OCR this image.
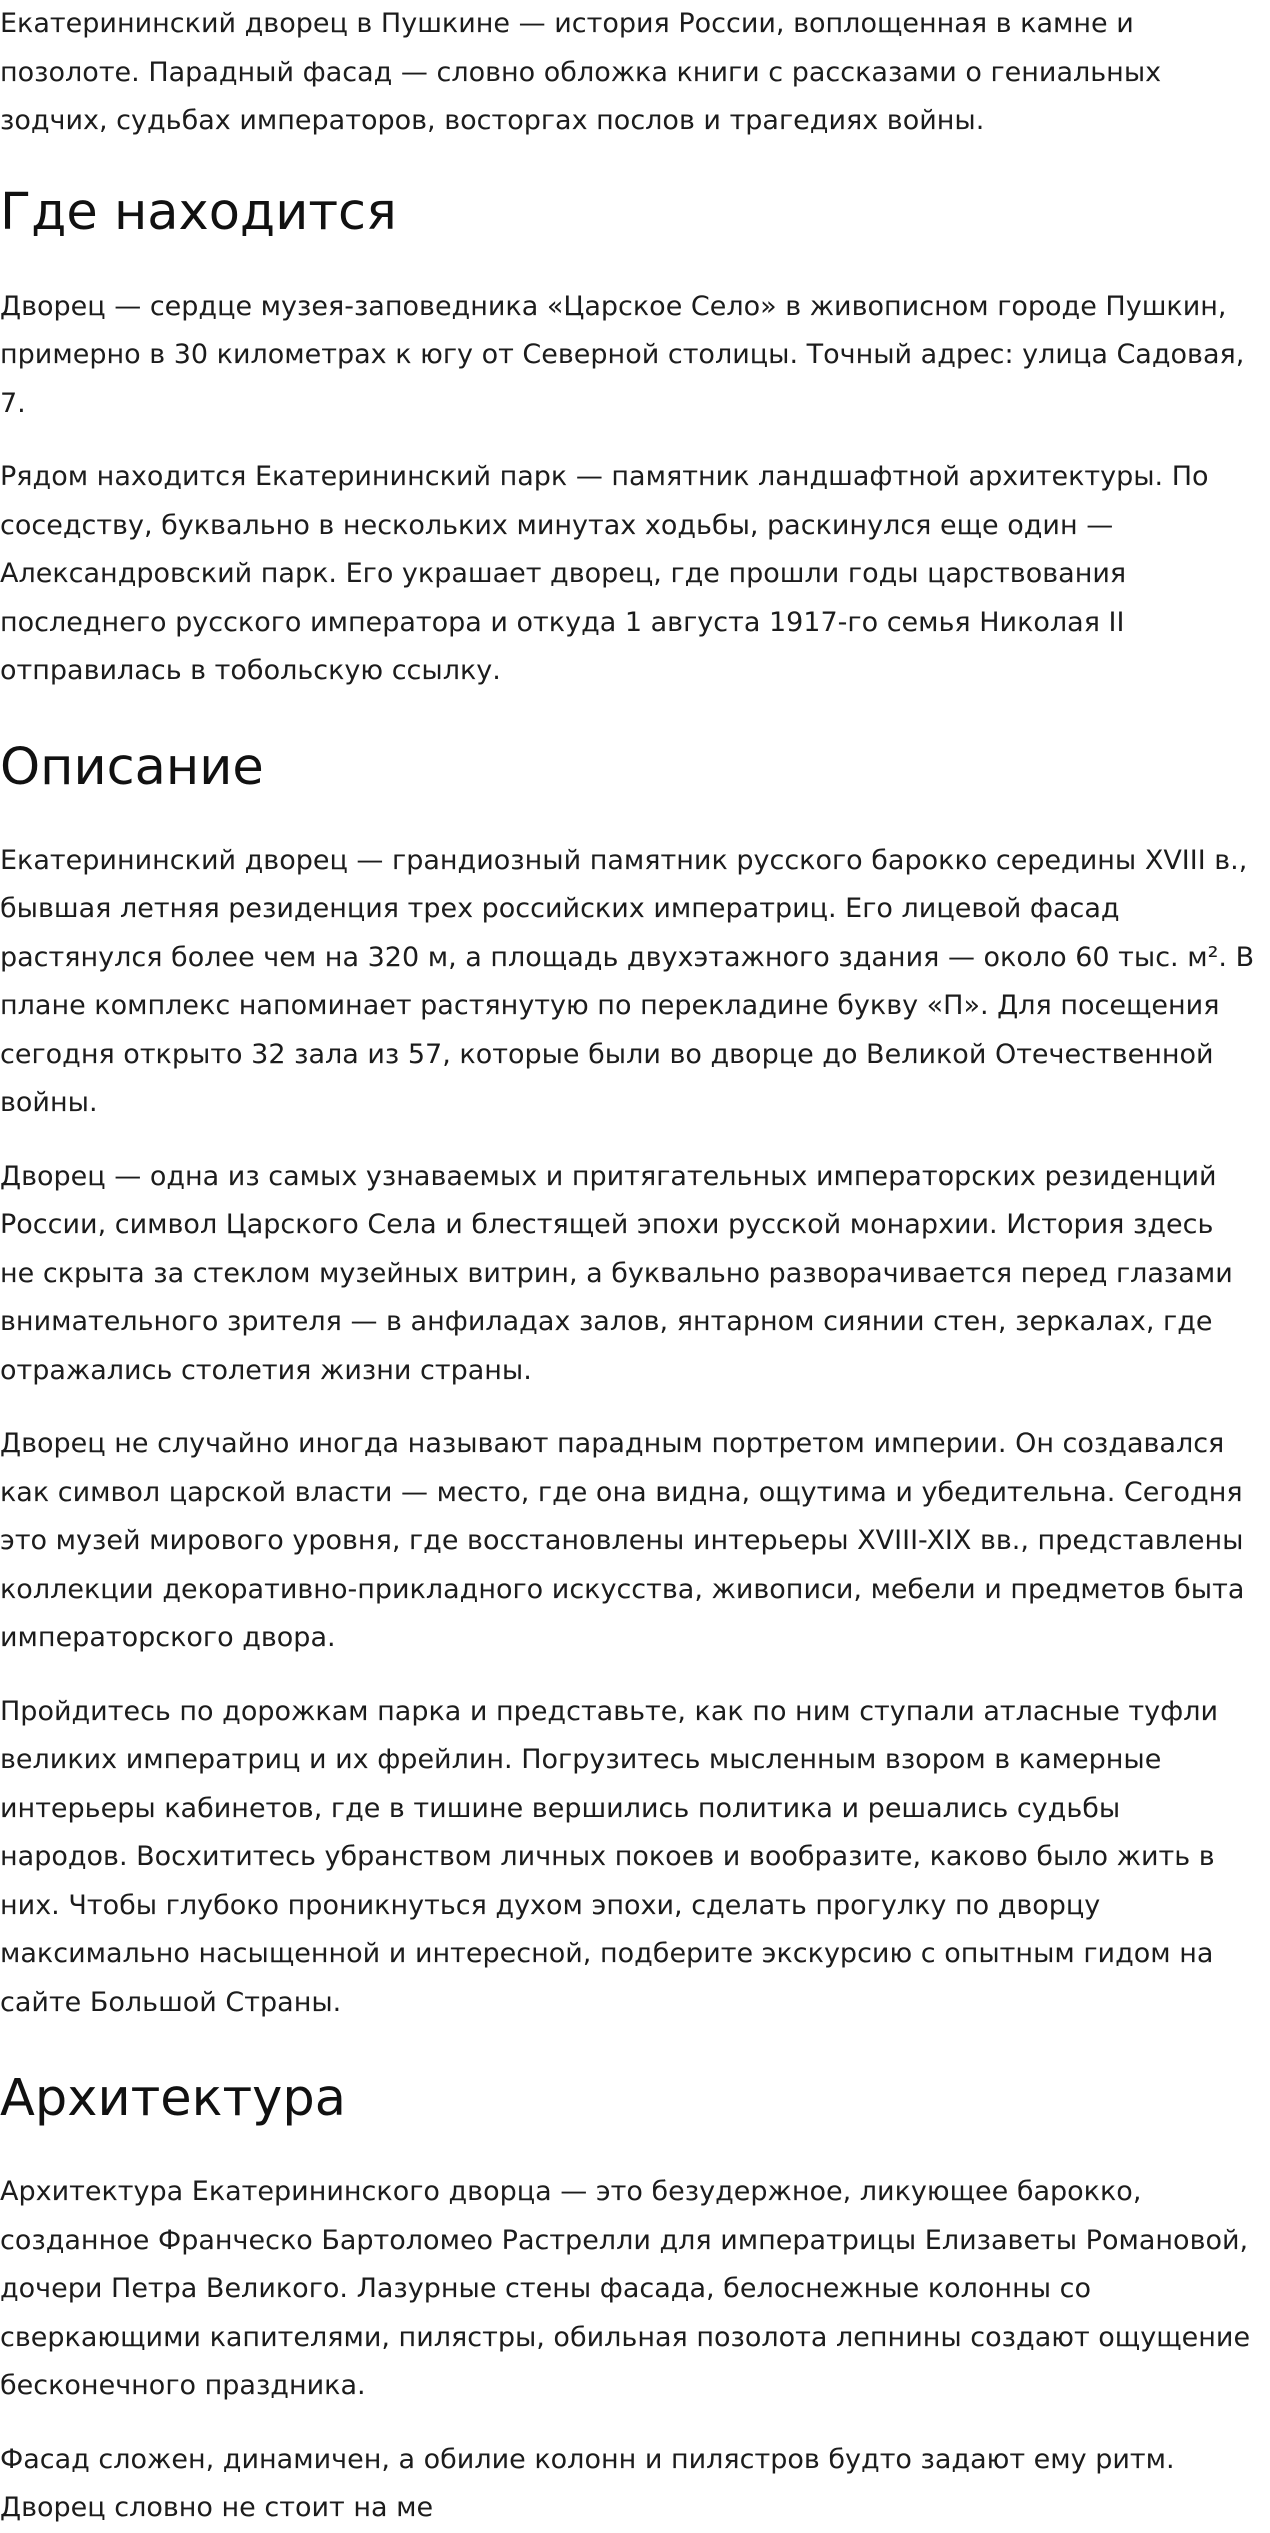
Екатерининский дворец в Пушкине — история России, воплощенная в камне и позолоте. Парадный фасад — словно обложка книги с рассказами о гениальных зодчих, судьбах императоров, восторгах послов и трагедиях войны.

Где находится

Дворец — сердце музея-заповедника «Царское Село» в живописном городе Пушкин, примерно в 30 километрах к югу от Северной столицы. Точный адрес: улица Садовая, 7.

Рядом находится Екатерининский парк — памятник ландшафтной архитектуры. По соседству, буквально в нескольких минутах ходьбы, раскинулся еще один — Александровский парк. Его украшает дворец, где прошли годы царствования последнего русского императора и откуда 1 августа 1917-го семья Николая II отправилась в тобольскую ссылку.

Описание

Екатерининский дворец — грандиозный памятник русского барокко середины XVIII в., бывшая летняя резиденция трех российских императриц. Его лицевой фасад растянулся более чем на 320 м, а площадь двухэтажного здания — около 60 тыс. м². В плане комплекс напоминает растянутую по перекладине букву «П». Для посещения сегодня открыто 32 зала из 57, которые были во дворце до Великой Отечественной войны.

Дворец — одна из самых узнаваемых и притягательных императорских резиденций России, символ Царского Села и блестящей эпохи русской монархии. История здесь не скрыта за стеклом музейных витрин, а буквально разворачивается перед глазами внимательного зрителя — в анфиладах залов, янтарном сиянии стен, зеркалах, где отражались столетия жизни страны.

Дворец не случайно иногда называют парадным портретом империи. Он создавался как символ царской власти — место, где она видна, ощутима и убедительна. Сегодня это музей мирового уровня, где восстановлены интерьеры XVIII-XIX вв., представлены коллекции декоративно-прикладного искусства, живописи, мебели и предметов быта императорского двора.

Пройдитесь по дорожкам парка и представьте, как по ним ступали атласные туфли великих императриц и их фрейлин. Погрузитесь мысленным взором в камерные интерьеры кабинетов, где в тишине вершились политика и решались судьбы народов. Восхититесь убранством личных покоев и вообразите, каково было жить в них. Чтобы глубоко проникнуться духом эпохи, сделать прогулку по дворцу максимально насыщенной и интересной, подберите экскурсию с опытным гидом на сайте Большой Страны.

Архитектура

Архитектура Екатерининского дворца — это безудержное, ликующее барокко, созданное Франческо Бартоломео Растрелли для императрицы Елизаветы Романовой, дочери Петра Великого. Лазурные стены фасада, белоснежные колонны со сверкающими капителями, пилястры, обильная позолота лепнины создают ощущение бесконечного праздника.

Фасад сложен, динамичен, а обилие колонн и пилястров будто задают ему ритм. Дворец словно не стоит на ме
